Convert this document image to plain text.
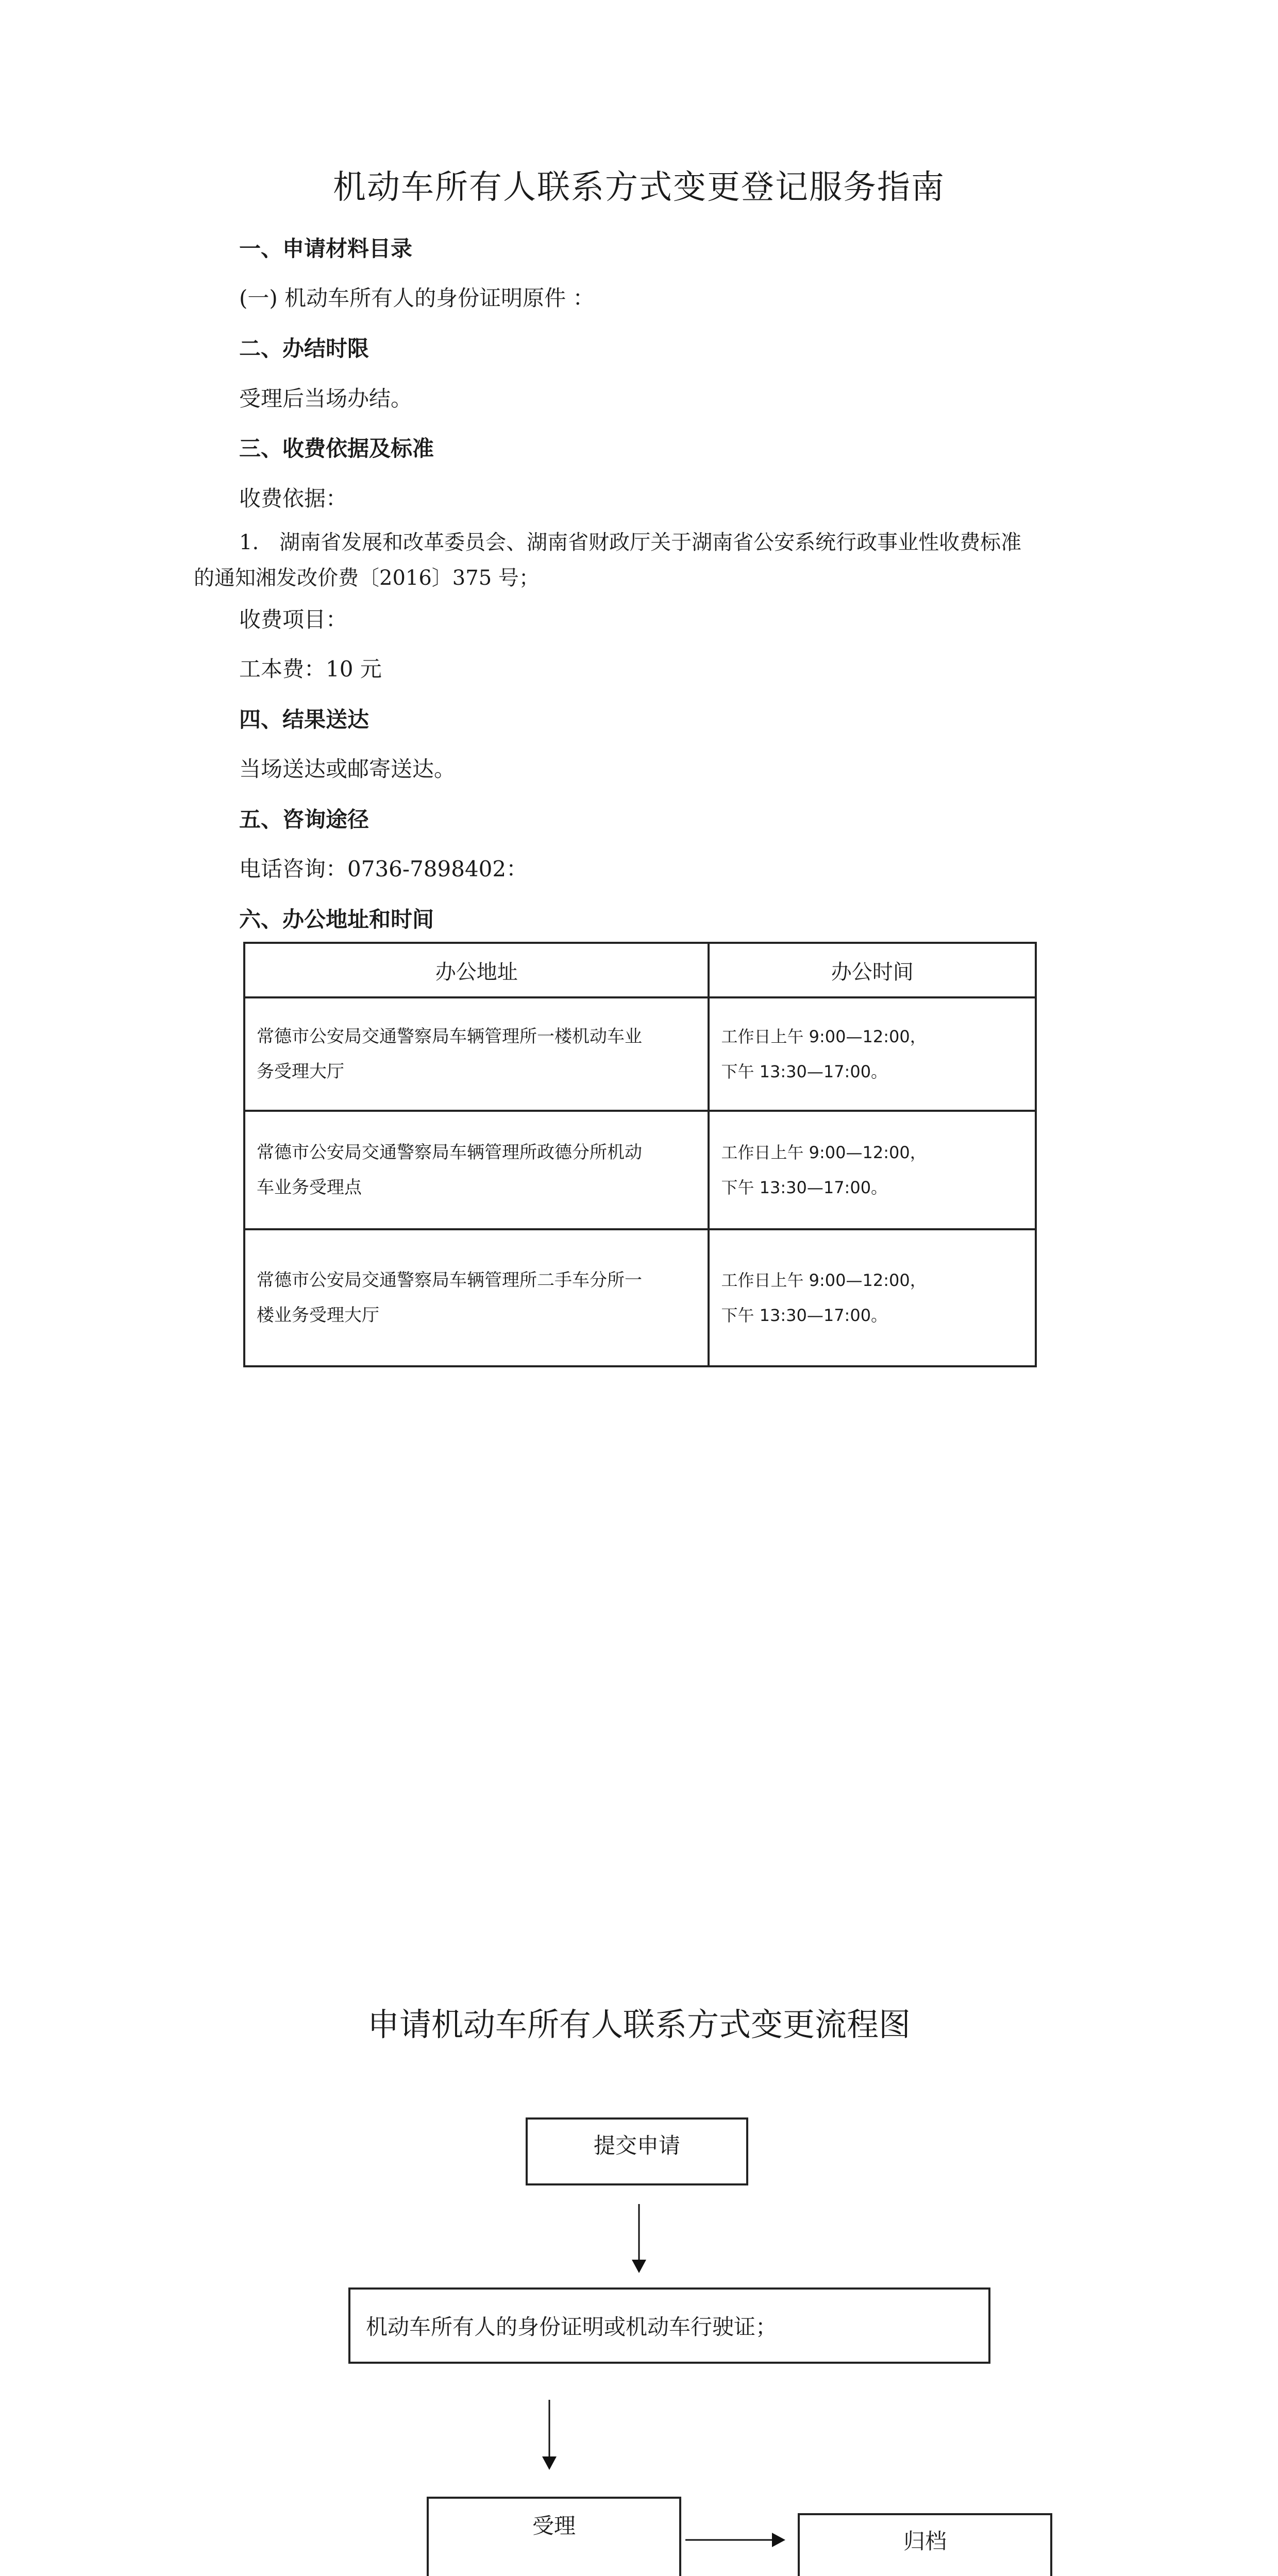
机动车所有人联系方式变更登记服务指南
一、申请材料目录
(一) 机动车所有人的身份证明原件 ：
二、办结时限
受理后当场办结。
三、收费依据及标准
收费依据：
1.　湖南省发展和改革委员会、湖南省财政厅关于湖南省公安系统行政事业性收费标准
的通知湘发改价费〔2016〕375 号；
收费项目：
工本费：10 元
四、结果送达
当场送达或邮寄送达。
五、咨询途径
电话咨询：0736-7898402：
六、办公地址和时间
办公地址	办公时间
常德市公安局交通警察局车辆管理所一楼机动车业
务受理大厅	工作日上午 9:00—12:00，
下午 13:30—17:00。
常德市公安局交通警察局车辆管理所政德分所机动
车业务受理点	工作日上午 9:00—12:00，
下午 13:30—17:00。
常德市公安局交通警察局车辆管理所二手车分所一
楼业务受理大厅	工作日上午 9:00—12:00，
下午 13:30—17:00。
申请机动车所有人联系方式变更流程图
提交申请
机动车所有人的身份证明或机动车行驶证；
受理
归档
